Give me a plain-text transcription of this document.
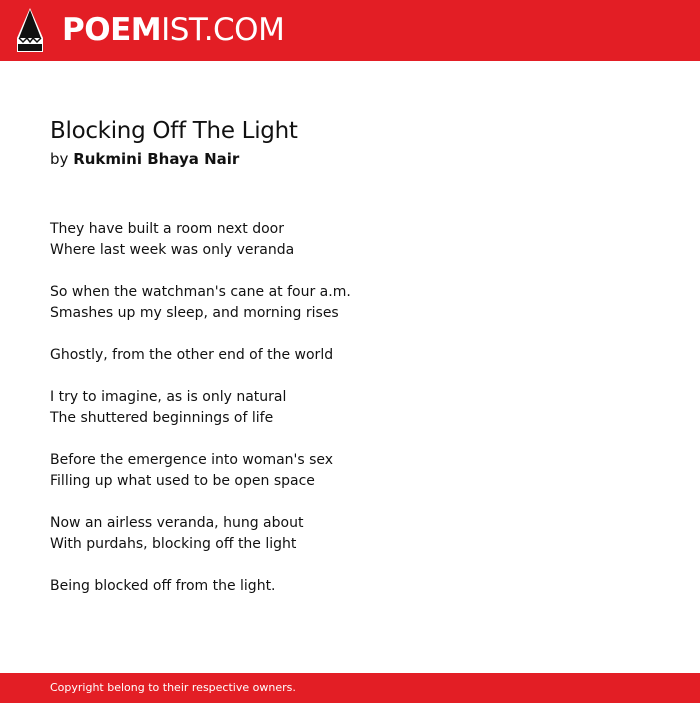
POEMIST.COM
Blocking Off The Light
by Rukmini Bhaya Nair
They have built a room next door
Where last week was only veranda
So when the watchman's cane at four a.m.
Smashes up my sleep, and morning rises
Ghostly, from the other end of the world
I try to imagine, as is only natural
The shuttered beginnings of life
Before the emergence into woman's sex
Filling up what used to be open space
Now an airless veranda, hung about
With purdahs, blocking off the light
Being blocked off from the light.
Copyright belong to their respective owners.
